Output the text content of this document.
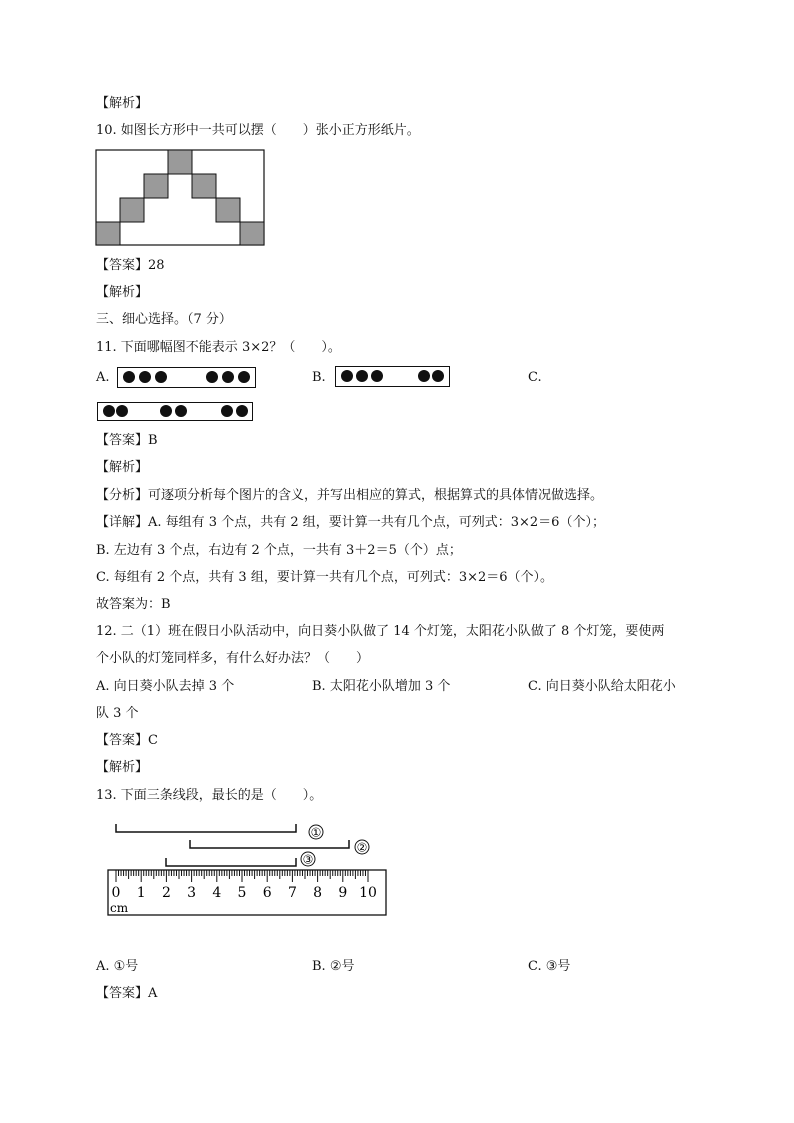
【解析】
10. 如图长方形中一共可以摆（　　）张小正方形纸片。
【答案】28
【解析】
三、细心选择。（7 分）
11. 下面哪幅图不能表示 3×2？（　　）。
A.	B.	C.
【答案】B
【解析】
【分析】可逐项分析每个图片的含义，并写出相应的算式，根据算式的具体情况做选择。
【详解】A. 每组有 3 个点，共有 2 组，要计算一共有几个点，可列式：3×2＝6（个）；
B. 左边有 3 个点，右边有 2 个点，一共有 3＋2＝5（个）点；
C. 每组有 2 个点，共有 3 组，要计算一共有几个点，可列式：3×2＝6（个）。
故答案为：B
12. 二（1）班在假日小队活动中，向日葵小队做了 14 个灯笼，太阳花小队做了 8 个灯笼，要使两
个小队的灯笼同样多，有什么好办法？（　　）
A. 向日葵小队去掉 3 个	B. 太阳花小队增加 3 个	C. 向日葵小队给太阳花小
队 3 个
【答案】C
【解析】
13. 下面三条线段，最长的是（　　）。
①
②
③
0 1 2 3 4 5 6 7 8 9 10
cm
A. ①号	B. ②号	C. ③号
【答案】A
